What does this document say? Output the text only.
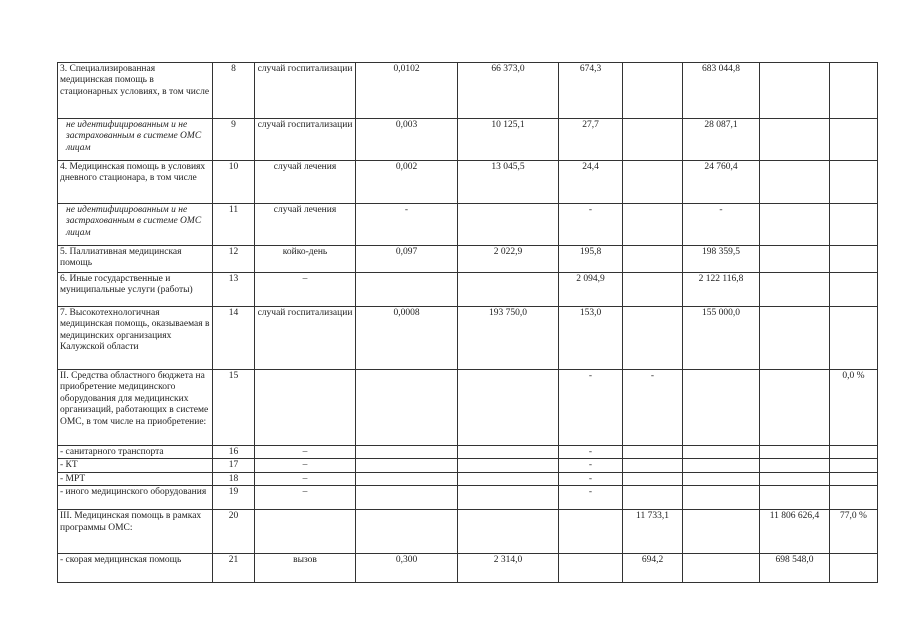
3. Специализированная медицинская помощь в стационарных условиях, в том числе	8	случай госпитализации	0,0102	66 373,0	674,3		683 044,8		
не идентифицированным и не застрахованным в системе ОМС лицам	9	случай госпитализации	0,003	10 125,1	27,7		28 087,1		
4. Медицинская помощь в условиях дневного стационара, в том числе	10	случай лечения	0,002	13 045,5	24,4		24 760,4		
не идентифицированным и не застрахованным в системе ОМС лицам	11	случай лечения	-		-		-		
5. Паллиативная медицинская помощь	12	койко-день	0,097	2 022,9	195,8		198 359,5		
6. Иные государственные и муниципальные услуги (работы)	13	–			2 094,9		2 122 116,8		
7. Высокотехнологичная медицинская помощь, оказываемая в медицинских организациях Калужской области	14	случай госпитализации	0,0008	193 750,0	153,0		155 000,0		
II. Средства областного бюджета на приобретение медицинского оборудования для медицинских организаций, работающих в системе ОМС, в том числе на приобретение:	15				-	-			0,0 %
- санитарного транспорта	16	–			-				
- КТ	17	–			-				
- МРТ	18	–			-				
- иного медицинского оборудования	19	–			-				
III. Медицинская помощь в рамках программы ОМС:	20					11 733,1		11 806 626,4	77,0 %
- скорая медицинская помощь	21	вызов	0,300	2 314,0		694,2		698 548,0	
